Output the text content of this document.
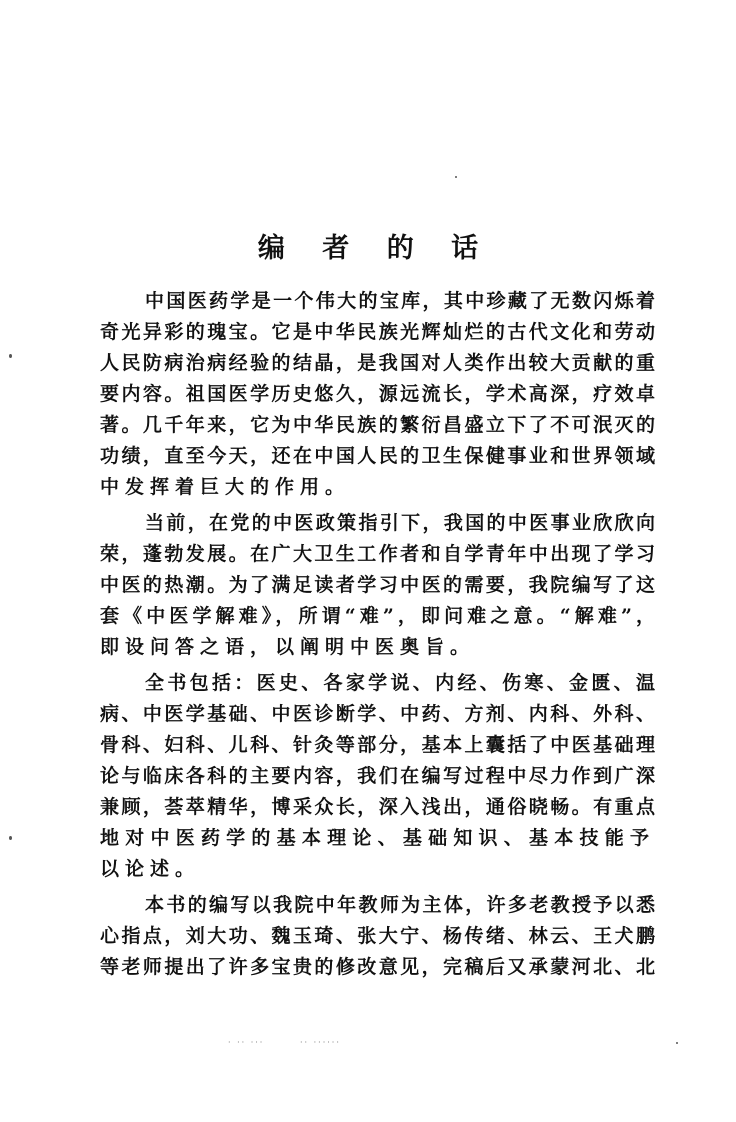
编 者 的 话
中国医药学是一个伟大的宝库，其中珍藏了无数闪烁着
奇光异彩的瑰宝。它是中华民族光辉灿烂的古代文化和劳动
人民防病治病经验的结晶，是我国对人类作出较大贡献的重
要内容。祖国医学历史悠久，源远流长，学术高深，疗效卓
著。几千年来，它为中华民族的繁衍昌盛立下了不可泯灭的
功绩，直至今天，还在中国人民的卫生保健事业和世界领域
中发挥着巨大的作用。
当前，在党的中医政策指引下，我国的中医事业欣欣向
荣，蓬勃发展。在广大卫生工作者和自学青年中出现了学习
中医的热潮。为了满足读者学习中医的需要，我院编写了这
套《中医学解难》，所谓“难”，即问难之意。“解难”，
即设问答之语，以阐明中医奥旨。
全书包括：医史、各家学说、内经、伤寒、金匮、温
病、中医学基础、中医诊断学、中药、方剂、内科、外科、
骨科、妇科、儿科、针灸等部分，基本上囊括了中医基础理
论与临床各科的主要内容，我们在编写过程中尽力作到广深
兼顾，荟萃精华，博采众长，深入浅出，通俗晓畅。有重点
地对中医药学的基本理论、基础知识、基本技能予以论述。
本书的编写以我院中年教师为主体，许多老教授予以悉
心指点，刘大功、魏玉琦、张大宁、杨传绪、林云、王犬鹏
等老师提出了许多宝贵的修改意见，完稿后又承蒙河北、北
· ·· ···	·· ······
